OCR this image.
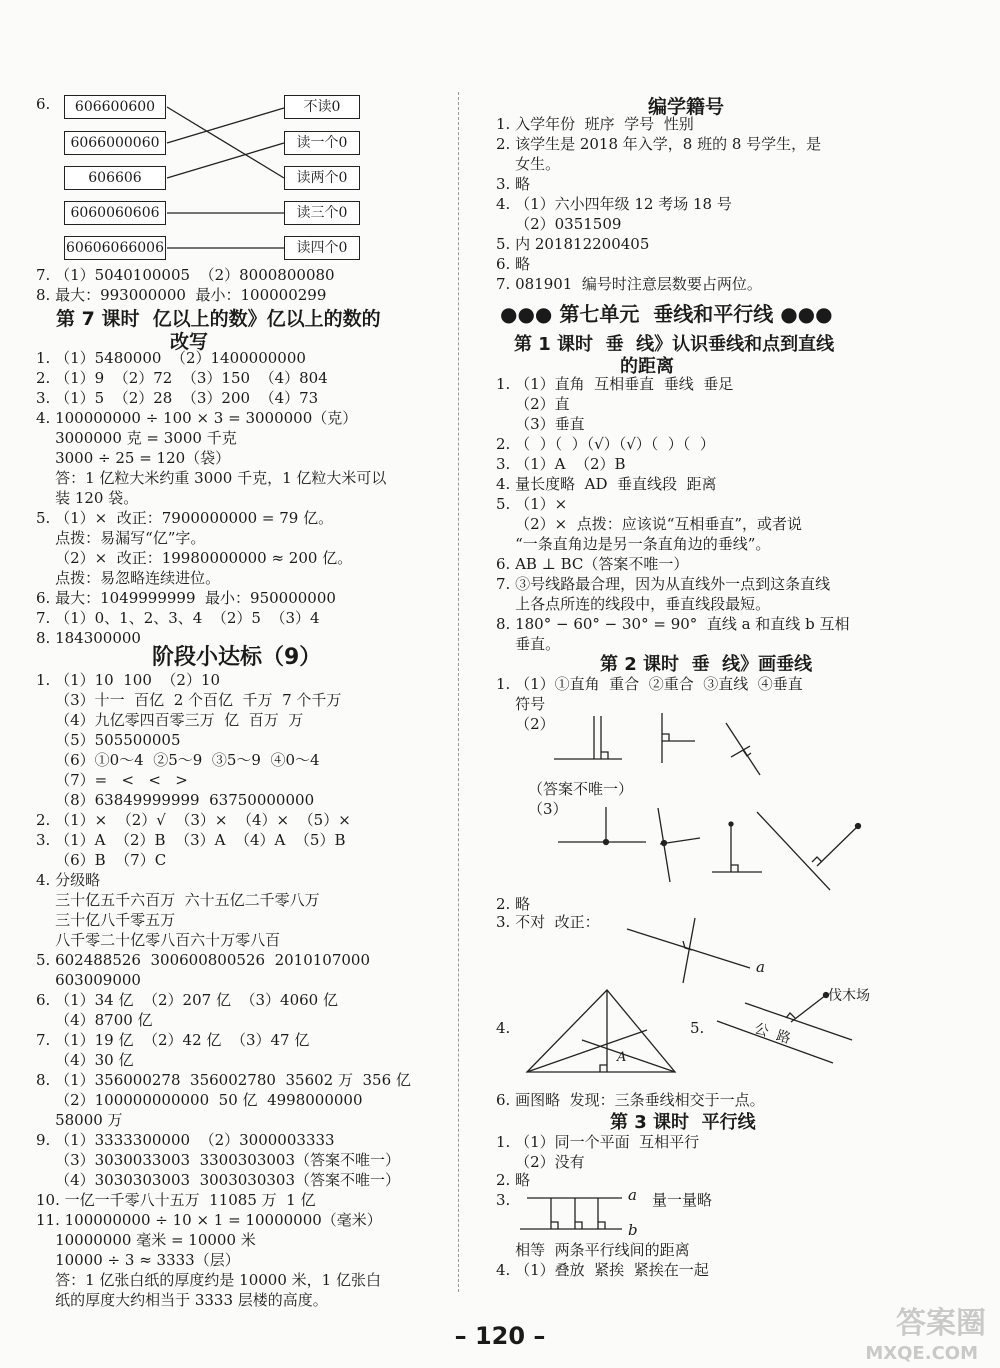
6.	606600600
6066000060
606606
6060060606
60606066006
不读0
读一个0
读两个0
读三个0
读四个0
7. （1）5040100005  （2）8000800080
8. 最大：993000000  最小：100000299
第 7 课时  亿以上的数》亿以上的数的
改写
1. （1）5480000  （2）1400000000
2. （1）9  （2）72  （3）150  （4）804
3. （1）5  （2）28  （3）200  （4）73
4. 100000000 ÷ 100 × 3 = 3000000（克）
3000000 克 = 3000 千克
3000 ÷ 25 = 120（袋）
答：1 亿粒大米约重 3000 千克，1 亿粒大米可以
装 120 袋。
5. （1）×  改正：7900000000 = 79 亿。
点拨：易漏写“亿”字。
（2）×  改正：19980000000 ≈ 200 亿。
点拨：易忽略连续进位。
6. 最大：1049999999  最小：950000000
7. （1）0、1、2、3、4  （2）5  （3）4
8. 184300000
阶段小达标（9）
1. （1）10  100  （2）10
（3）十一  百亿  2 个百亿  千万  7 个千万
（4）九亿零四百零三万  亿  百万  万
（5）505500005
（6）①0～4  ②5～9  ③5～9  ④0～4
（7）=   <   <   >
（8）63849999999  63750000000
2. （1）×  （2）√  （3）×  （4）×  （5）×
3. （1）A  （2）B  （3）A  （4）A  （5）B
（6）B  （7）C
4. 分级略
三十亿五千六百万  六十五亿二千零八万
三十亿八千零五万
八千零二十亿零八百六十万零八百
5. 602488526  300600800526  2010107000
603009000
6. （1）34 亿  （2）207 亿  （3）4060 亿
（4）8700 亿
7. （1）19 亿  （2）42 亿  （3）47 亿
（4）30 亿
8. （1）356000278  356002780  35602 万  356 亿
（2）100000000000  50 亿  4998000000
58000 万
9. （1）3333300000  （2）3000003333
（3）3030033003  3300303003（答案不唯一）
（4）3030303003  3003030303（答案不唯一）
10. 一亿一千零八十五万  11085 万  1 亿
11. 100000000 ÷ 10 × 1 = 10000000（毫米）
10000000 毫米 = 10000 米
10000 ÷ 3 ≈ 3333（层）
答：1 亿张白纸的厚度约是 10000 米，1 亿张白
纸的厚度大约相当于 3333 层楼的高度。
编学籍号
1. 入学年份  班序  学号  性别
2. 该学生是 2018 年入学，8 班的 8 号学生，是
女生。
3. 略
4. （1）六小四年级 12 考场 18 号
（2）0351509
5. 内 201812200405
6. 略
7. 081901  编号时注意层数要占两位。
●●● 第七单元  垂线和平行线 ●●●
第 1 课时  垂  线》认识垂线和点到直线
的距离
1. （1）直角  互相垂直  垂线  垂足
（2）直
（3）垂直
2. （  ）（  ）（√）（√）（  ）（  ）
3. （1）A  （2）B
4. 量长度略  AD  垂直线段  距离
5. （1）×
（2）×  点拨：应该说“互相垂直”，或者说
“一条直角边是另一条直角边的垂线”。
6. AB ⊥ BC（答案不唯一）
7. ③号线路最合理，因为从直线外一点到这条直线
上各点所连的线段中，垂直线段最短。
8. 180° − 60° − 30° = 90°  直线 a 和直线 b 互相
垂直。
第 2 课时  垂  线》画垂线
1. （1）①直角  重合  ②重合  ③直线  ④垂直
符号
（2）
（答案不唯一）
（3）
2. 略
3. 不对  改正：
a
4.	5.
A
公  路
伐木场
6. 画图略  发现：三条垂线相交于一点。
第 3 课时  平行线
1. （1）同一个平面  互相平行
（2）没有
2. 略
3.	a
b
量一量略
相等  两条平行线间的距离
4. （1）叠放  紧挨  紧挨在一起
– 120 –	答案圈
MXQE.COM
